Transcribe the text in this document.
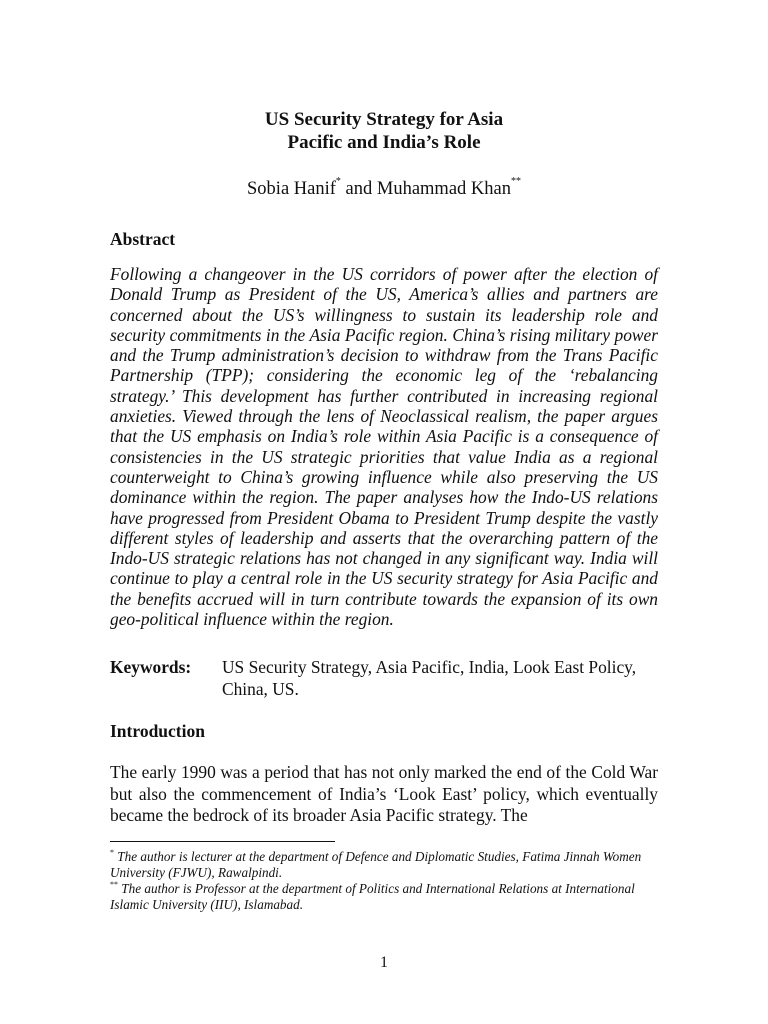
US Security Strategy for Asia
Pacific and India’s Role
Sobia Hanif* and Muhammad Khan**
Abstract

Following a changeover in the US corridors of power after the election of Donald Trump as President of the US, America’s allies and partners are concerned about the US’s willingness to sustain its leadership role and security commitments in the Asia Pacific region. China’s rising military power and the Trump administration’s decision to withdraw from the Trans Pacific Partnership (TPP); considering the economic leg of the ‘rebalancing strategy.’ This development has further contributed in increasing regional anxieties. Viewed through the lens of Neoclassical realism, the paper argues that the US emphasis on India’s role within Asia Pacific is a consequence of consistencies in the US strategic priorities that value India as a regional counterweight to China’s growing influence while also preserving the US dominance within the region. The paper analyses how the Indo-US relations have progressed from President Obama to President Trump despite the vastly different styles of leadership and asserts that the overarching pattern of the Indo-US strategic relations has not changed in any significant way. India will continue to play a central role in the US security strategy for Asia Pacific and the benefits accrued will in turn contribute towards the expansion of its own geo-political influence within the region.

Keywords: US Security Strategy, Asia Pacific, India, Look East Policy, China, US.
Introduction

The early 1990 was a period that has not only marked the end of the Cold War but also the commencement of India’s ‘Look East’ policy, which eventually became the bedrock of its broader Asia Pacific strategy. The

* The author is lecturer at the department of Defence and Diplomatic Studies, Fatima Jinnah Women University (FJWU), Rawalpindi.

** The author is Professor at the department of Politics and International Relations at International Islamic University (IIU), Islamabad.

1
